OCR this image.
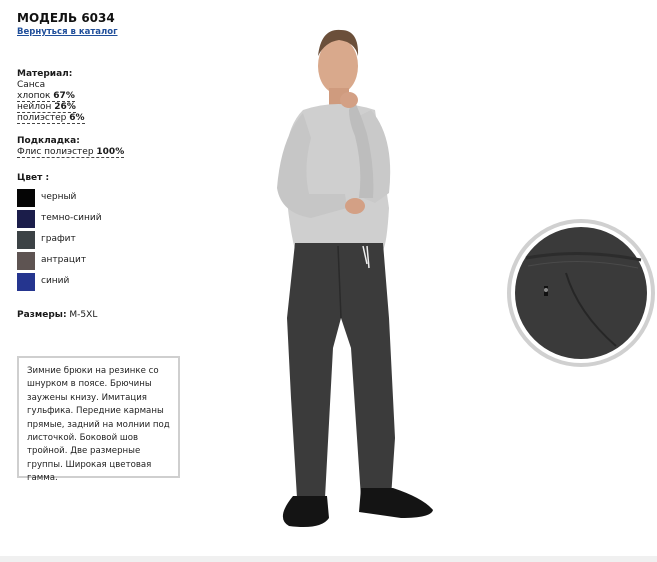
МОДЕЛЬ 6034
Вернуться в каталог
Материал:
Санса
хлопок 67%
нейлон 26%
полиэстер 6%
Подкладка:
Флис полиэстер 100%
Цвет :
черный
темно-синий
графит
антрацит
синий
Размеры: M-5XL
Зимние брюки на резинке со шнурком в поясе. Брючины заужены книзу. Имитация гульфика. Передние карманы прямые, задний на молнии под листочкой. Боковой шов тройной. Две размерные группы. Широкая цветовая гамма.
